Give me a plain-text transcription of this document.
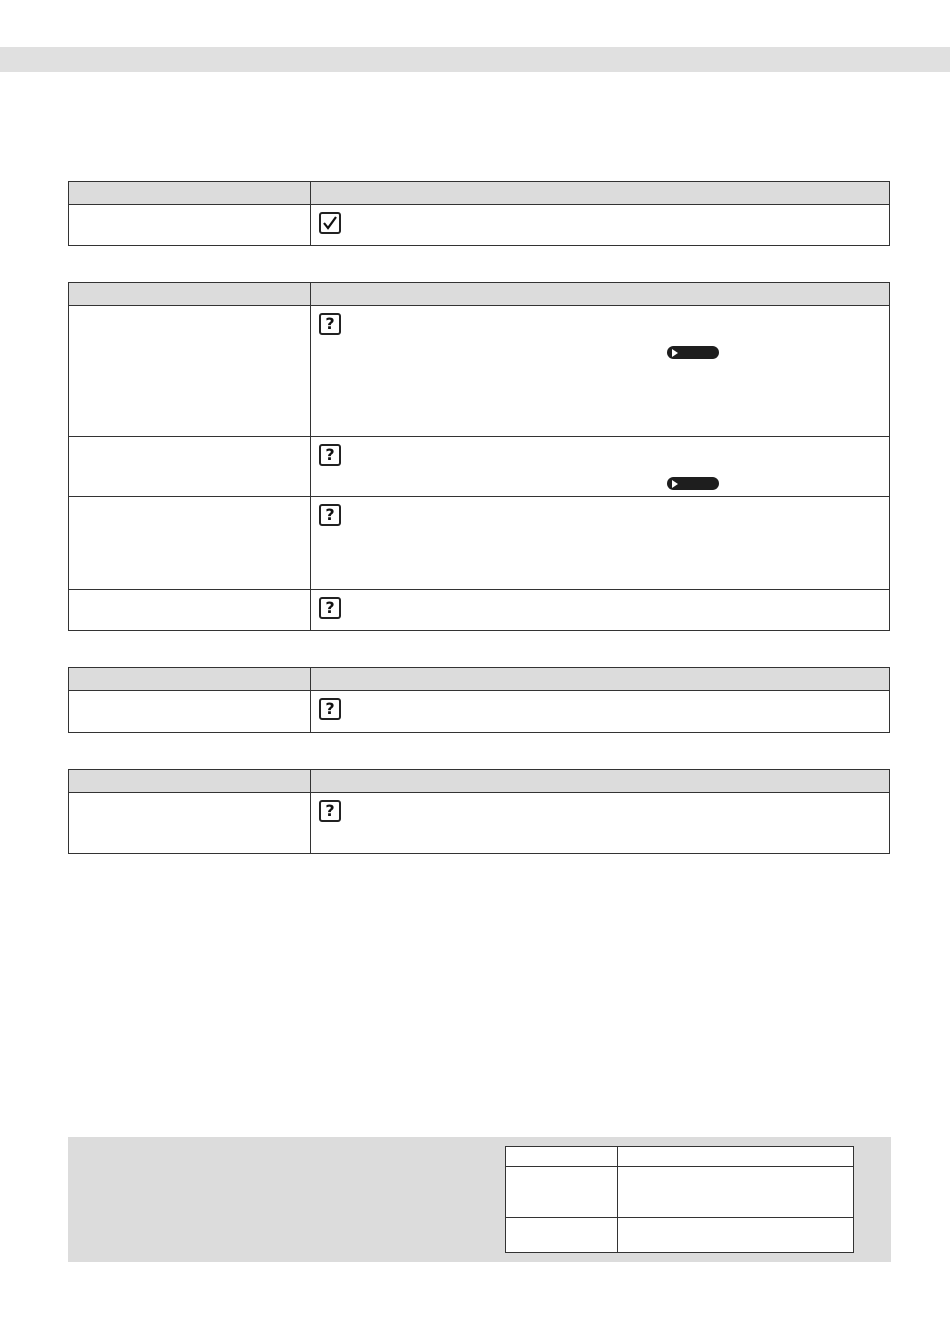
?
?
?
?
?
?
